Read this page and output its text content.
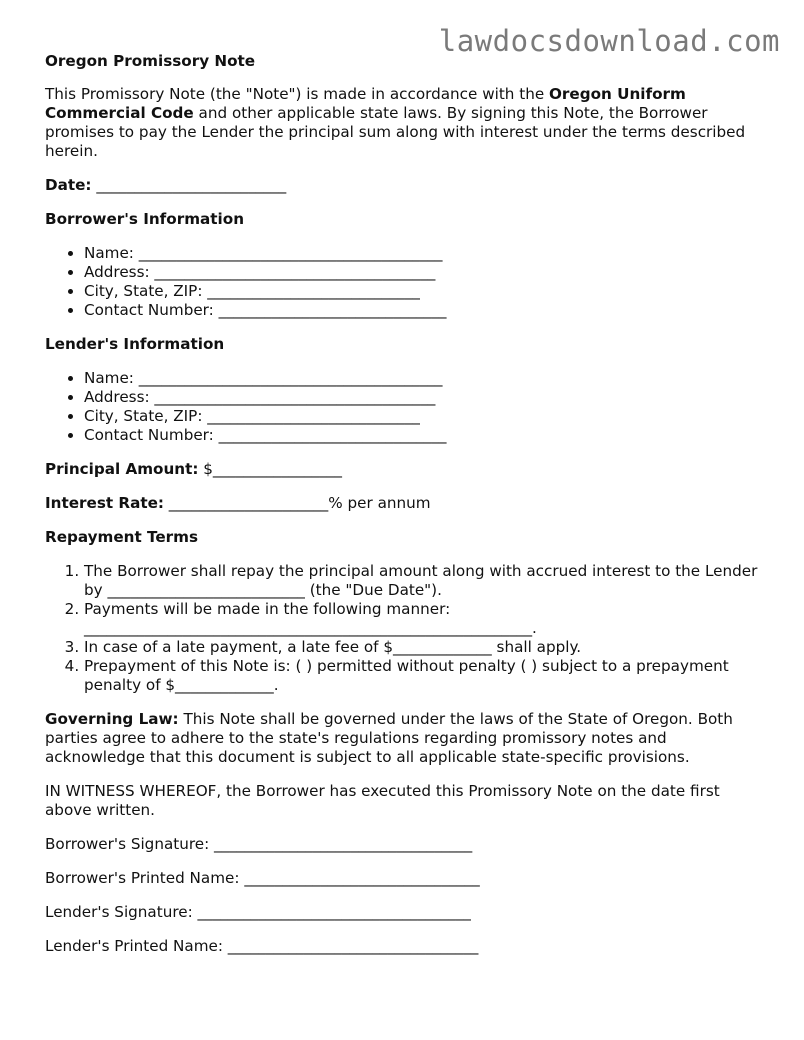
lawdocsdownload.com
Oregon Promissory Note

This Promissory Note (the "Note") is made in accordance with the Oregon Uniform Commercial Code and other applicable state laws. By signing this Note, the Borrower promises to pay the Lender the principal sum along with interest under the terms described herein.

Date: _________________________

Borrower's Information
• Name: ________________________________________
• Address: _____________________________________
• City, State, ZIP: ____________________________
• Contact Number: ______________________________
Lender's Information
• Name: ________________________________________
• Address: _____________________________________
• City, State, ZIP: ____________________________
• Contact Number: ______________________________

Principal Amount: $_________________

Interest Rate: _____________________% per annum

Repayment Terms
1. The Borrower shall repay the principal amount along with accrued interest to the Lender by __________________________ (the "Due Date").
2. Payments will be made in the following manner: ___________________________________________________________.
3. In case of a late payment, a late fee of $_____________ shall apply.
4. Prepayment of this Note is: ( ) permitted without penalty ( ) subject to a prepayment penalty of $_____________.

Governing Law: This Note shall be governed under the laws of the State of Oregon. Both parties agree to adhere to the state's regulations regarding promissory notes and acknowledge that this document is subject to all applicable state-specific provisions.

IN WITNESS WHEREOF, the Borrower has executed this Promissory Note on the date first above written.

Borrower's Signature: __________________________________
Borrower's Printed Name: _______________________________
Lender's Signature: ____________________________________
Lender's Printed Name: _________________________________
